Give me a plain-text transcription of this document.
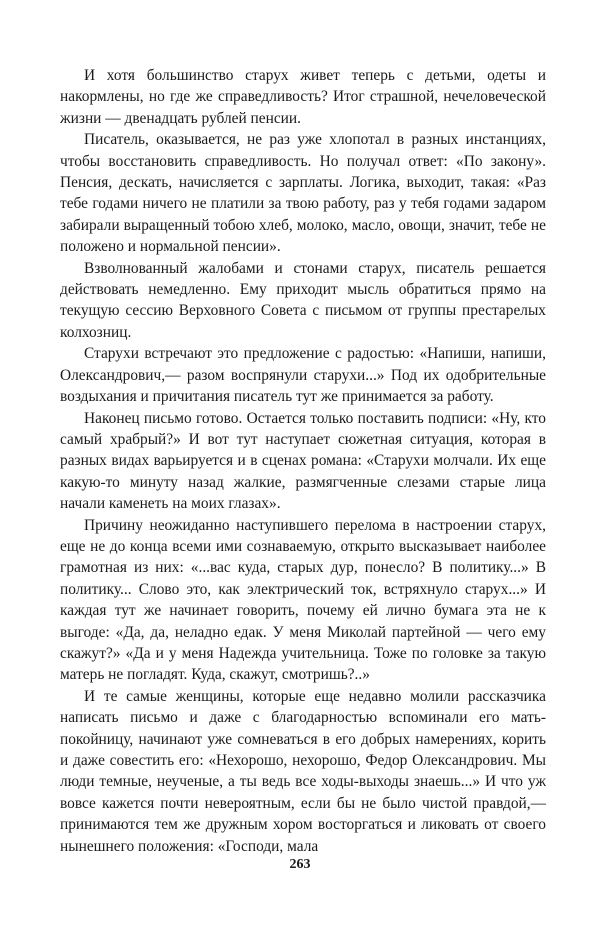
И хотя большинство старух живет теперь с детьми, одеты и накормлены, но где же справедливость? Итог страшной, нечеловеческой жизни — двенадцать рублей пенсии.

Писатель, оказывается, не раз уже хлопотал в разных инстанциях, чтобы восстановить справедливость. Но получал ответ: «По закону». Пенсия, дескать, начисляется с зарплаты. Логика, выходит, такая: «Раз тебе годами ничего не платили за твою работу, раз у тебя годами задаром забирали выращенный тобою хлеб, молоко, масло, овощи, значит, тебе не положено и нормальной пенсии».

Взволнованный жалобами и стонами старух, писатель решается действовать немедленно. Ему приходит мысль обратиться прямо на текущую сессию Верховного Совета с письмом от группы престарелых колхозниц.

Старухи встречают это предложение с радостью: «Напиши, напиши, Олександрович,— разом воспрянули старухи...» Под их одобрительные воздыхания и причитания писатель тут же принимается за работу.

Наконец письмо готово. Остается только поставить подписи: «Ну, кто самый храбрый?» И вот тут наступает сюжетная ситуация, которая в разных видах варьируется и в сценах романа: «Старухи молчали. Их еще какую-то минуту назад жалкие, размягченные слезами старые лица начали каменеть на моих глазах».

Причину неожиданно наступившего перелома в настроении старух, еще не до конца всеми ими сознаваемую, открыто высказывает наиболее грамотная из них: «...вас куда, старых дур, понесло? В политику...» В политику... Слово это, как электрический ток, встряхнуло старух...» И каждая тут же начинает говорить, почему ей лично бумага эта не к выгоде: «Да, да, неладно едак. У меня Миколай партейной — чего ему скажут?» «Да и у меня Надежда учительница. Тоже по головке за такую матерь не погладят. Куда, скажут, смотришь?..»

И те самые женщины, которые еще недавно молили рассказчика написать письмо и даже с благодарностью вспоминали его мать-покойницу, начинают уже сомневаться в его добрых намерениях, корить и даже совестить его: «Нехорошо, нехорошо, Федор Олександрович. Мы люди темные, неученые, а ты ведь все ходы-выходы знаешь...» И что уж вовсе кажется почти невероятным, если бы не было чистой правдой,— принимаются тем же дружным хором восторгаться и ликовать от своего нынешнего положения: «Господи, мала

263
